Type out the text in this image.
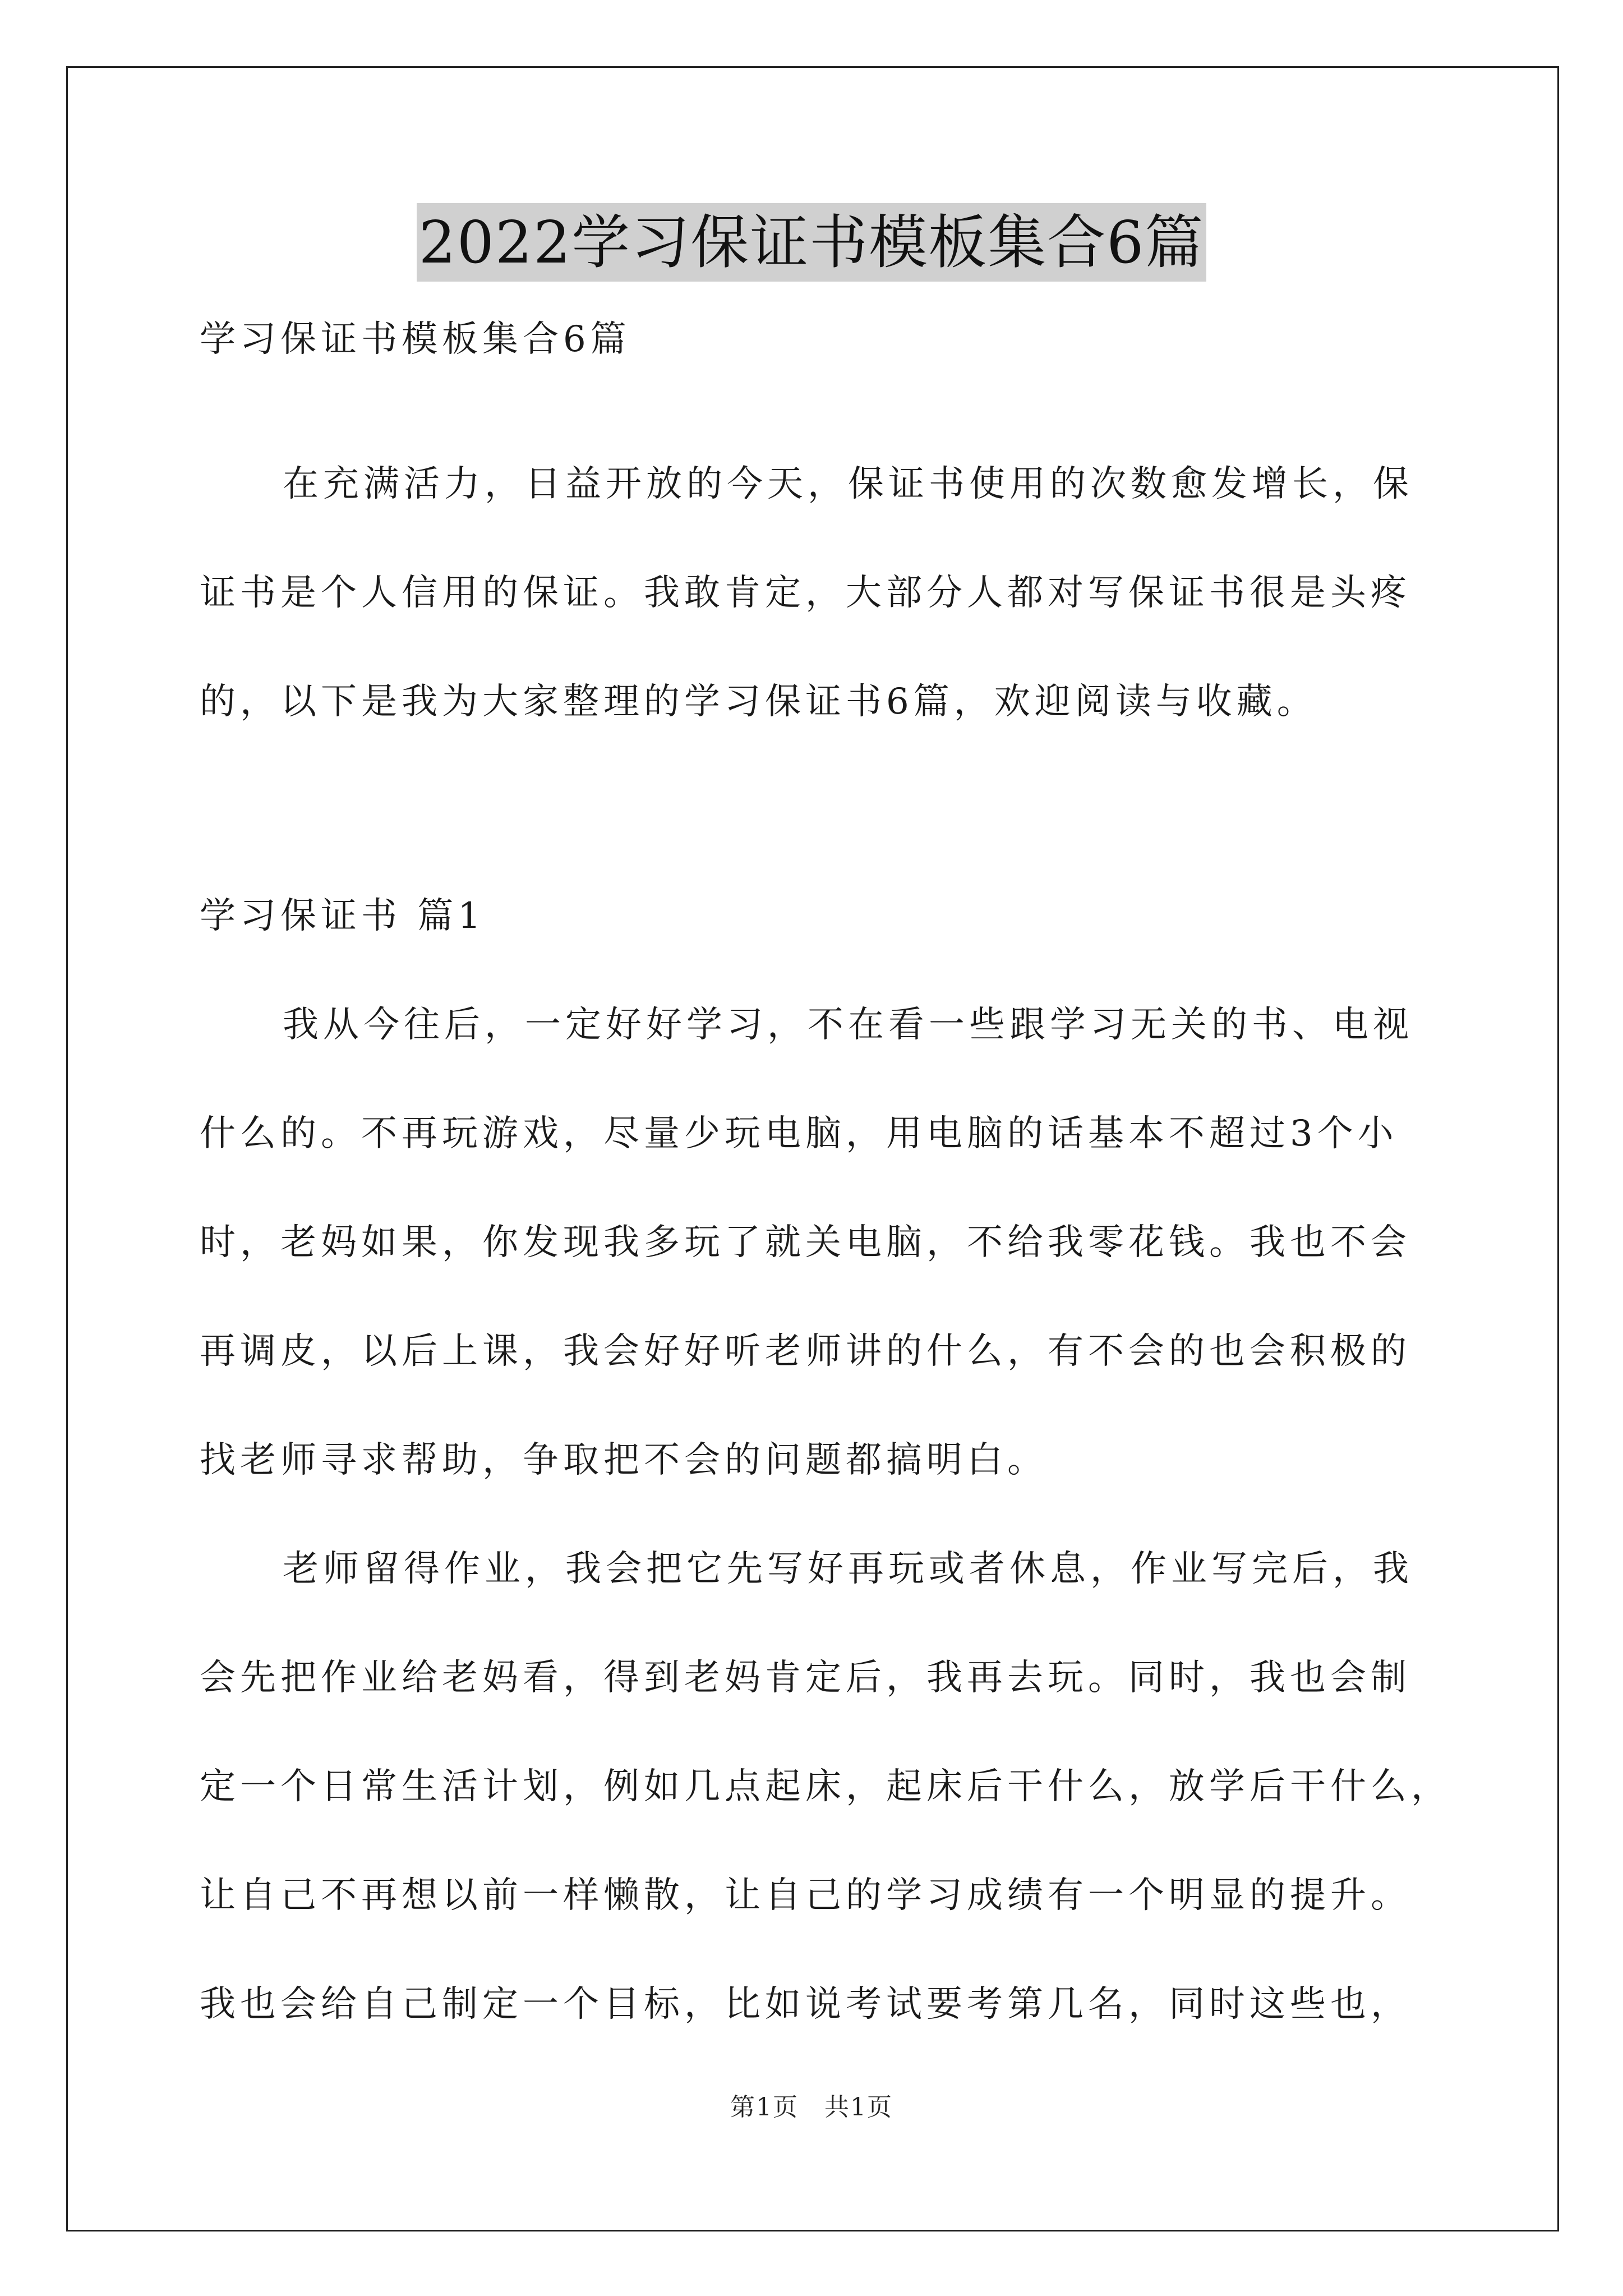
2022学习保证书模板集合6篇
学习保证书模板集合6篇
在充满活力，日益开放的今天，保证书使用的次数愈发增长，保
证书是个人信用的保证。我敢肯定，大部分人都对写保证书很是头疼
的，以下是我为大家整理的学习保证书6篇，欢迎阅读与收藏。
学习保证书 篇1
我从今往后，一定好好学习，不在看一些跟学习无关的书、电视
什么的。不再玩游戏，尽量少玩电脑，用电脑的话基本不超过3个小
时，老妈如果，你发现我多玩了就关电脑，不给我零花钱。我也不会
再调皮，以后上课，我会好好听老师讲的什么，有不会的也会积极的
找老师寻求帮助，争取把不会的问题都搞明白。
老师留得作业，我会把它先写好再玩或者休息，作业写完后，我
会先把作业给老妈看，得到老妈肯定后，我再去玩。同时，我也会制
定一个日常生活计划，例如几点起床，起床后干什么，放学后干什么，
让自己不再想以前一样懒散，让自己的学习成绩有一个明显的提升。
我也会给自己制定一个目标，比如说考试要考第几名，同时这些也，
第1页　共1页
